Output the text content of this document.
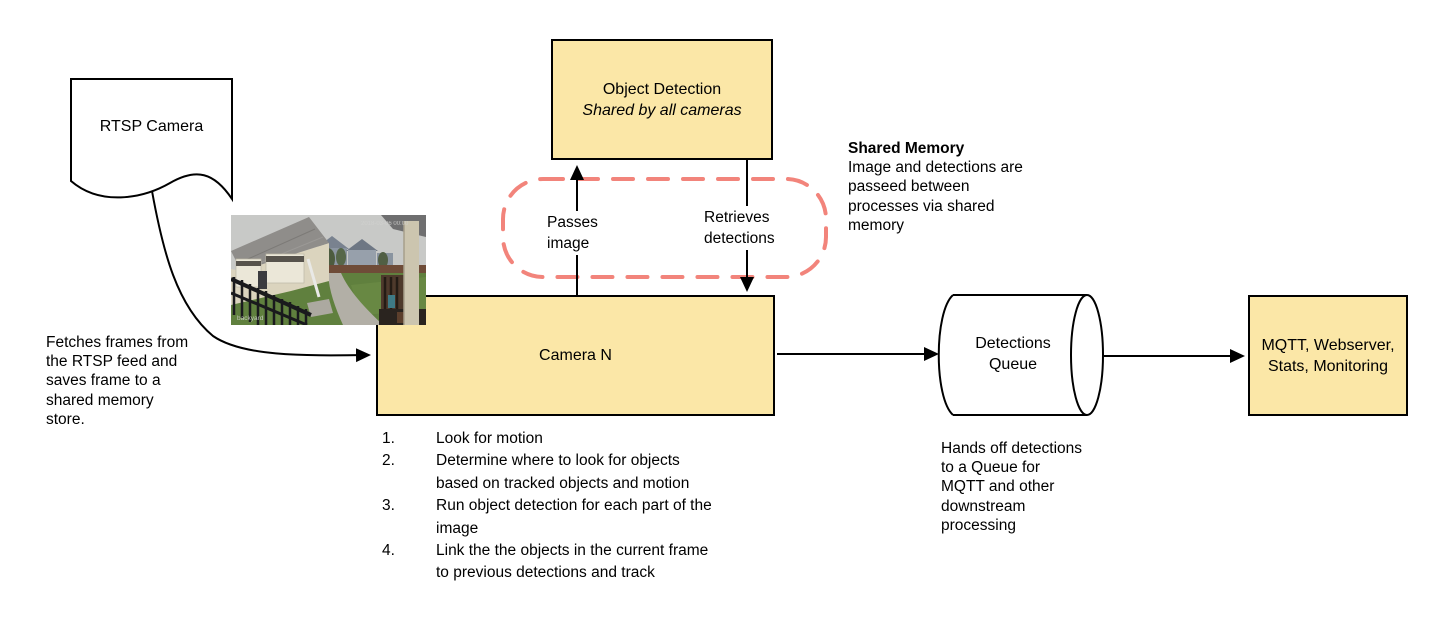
RTSP Camera
Object Detection
Shared by all cameras
Camera N
MQTT, Webserver, Stats, Monitoring
Detections Queue
Passes image
Retrieves detections
Fetches frames from
the RTSP feed and
saves frame to a
shared memory
store.
Shared Memory
Image and detections are
passeed between
processes via shared
memory
Hands off detections
to a Queue for
MQTT and other
downstream
processing
1.	Look for motion
2.	Determine where to look for objects
based on tracked objects and motion
3.	Run object detection for each part of the
image
4.	Link the the objects in the current frame
to previous detections and track
2018-03-06 00:00
backyard
